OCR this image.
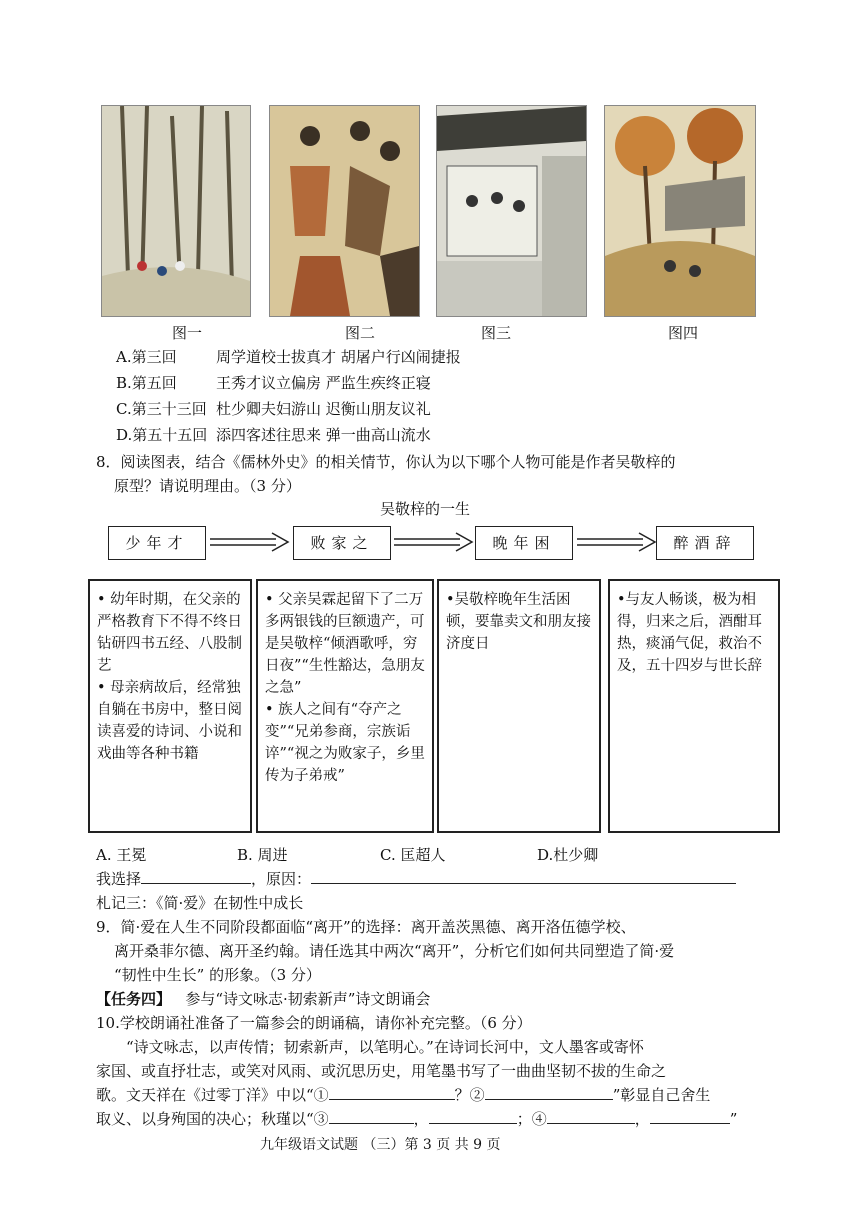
图一	图二	图三	图四
A.第三回	周学道校士拔真才 胡屠户行凶闹捷报
B.第五回	王秀才议立偏房 严监生疾终正寝
C.第三十三回 杜少卿夫妇游山 迟衡山朋友议礼
D.第五十五回 添四客述往思来 弹一曲高山流水
8．阅读图表，结合《儒林外史》的相关情节，你认为以下哪个人物可能是作者吴敬梓的
原型？请说明理由。（3 分）
吴敬梓的一生
少年才	败家之	晚年困	醉酒辞

• 幼年时期，在父亲的严格教育下不得不终日钻研四书五经、八股制艺

• 母亲病故后，经常独自躺在书房中，整日阅读喜爱的诗词、小说和戏曲等各种书籍

• 父亲吴霖起留下了二万多两银钱的巨额遗产，可是吴敬梓“倾酒歌呼，穷日夜”“生性豁达，急朋友之急”

• 族人之间有“夺产之变”“兄弟参商，宗族诟谇”“视之为败家子，乡里传为子弟戒”

•吴敬梓晚年生活困顿，要靠卖文和朋友接济度日

•与友人畅谈，极为相得，归来之后，酒酣耳热，痰涌气促，救治不及，五十四岁与世长辞

A. 王冕	B. 周进	C. 匡超人	D.杜少卿
我选择	，原因：
札记三：《简·爱》在韧性中成长
9．简·爱在人生不同阶段都面临“离开”的选择：离开盖茨黑德、离开洛伍德学校、
离开桑菲尔德、离开圣约翰。请任选其中两次“离开”，分析它们如何共同塑造了简·爱
“韧性中生长” 的形象。（3 分）
【任务四】 参与“诗文咏志·韧索新声”诗文朗诵会
10.学校朗诵社准备了一篇参会的朗诵稿，请你补充完整。（6 分）
“诗文咏志，以声传情；韧索新声，以笔明心。”在诗词长河中，文人墨客或寄怀
家国、或直抒壮志，或笑对风雨、或沉思历史，用笔墨书写了一曲曲坚韧不拔的生命之
歌。文天祥在《过零丁洋》中以“①	？②	”彰显自己舍生
取义、以身殉国的决心；秋瑾以“③	，	；④	，	”
九年级语文试题 （三）第 3 页 共 9 页
